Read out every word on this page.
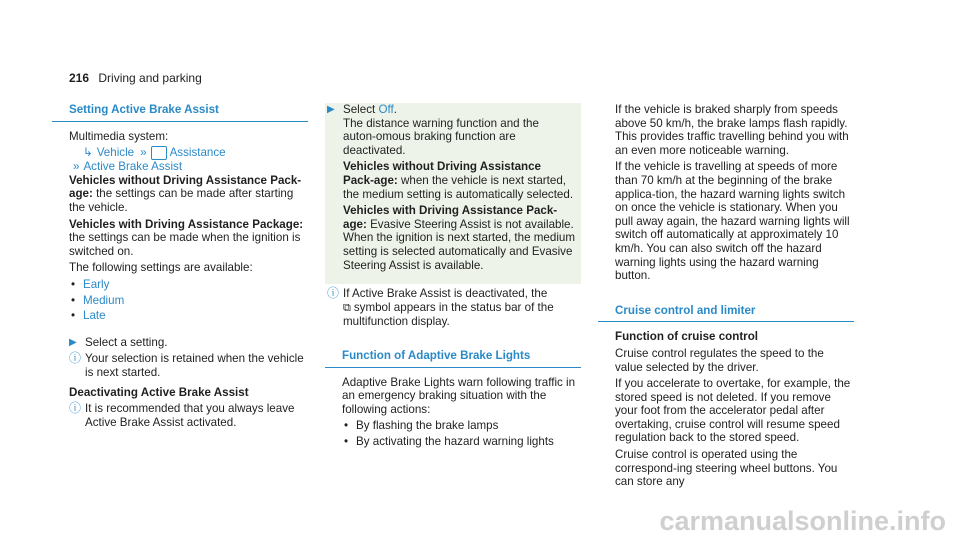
216 Driving and parking
Setting Active Brake Assist
Multimedia system:
↳ Vehicle » Assistance
» Active Brake Assist
Vehicles without Driving Assistance Pack-age: the settings can be made after starting the vehicle.
Vehicles with Driving Assistance Package: the settings can be made when the ignition is switched on.
The following settings are available:
• Early
• Medium
• Late
▶ Select a setting.
ⓘ Your selection is retained when the vehicle is next started.
Deactivating Active Brake Assist
ⓘ It is recommended that you always leave Active Brake Assist activated.
▶ Select Off.
The distance warning function and the auton-omous braking function are deactivated.
Vehicles without Driving Assistance Pack-age: when the vehicle is next started, the medium setting is automatically selected.
Vehicles with Driving Assistance Pack-age: Evasive Steering Assist is not available. When the ignition is next started, the medium setting is selected automatically and Evasive Steering Assist is available.
ⓘ If Active Brake Assist is deactivated, the
⧉ symbol appears in the status bar of the multifunction display.
Function of Adaptive Brake Lights
Adaptive Brake Lights warn following traffic in an emergency braking situation with the following actions:
• By flashing the brake lamps
• By activating the hazard warning lights
If the vehicle is braked sharply from speeds above 50 km/h, the brake lamps flash rapidly. This provides traffic travelling behind you with an even more noticeable warning.
If the vehicle is travelling at speeds of more than 70 km/h at the beginning of the brake applica-tion, the hazard warning lights switch on once the vehicle is stationary. When you pull away again, the hazard warning lights will switch off automatically at approximately 10 km/h. You can also switch off the hazard warning lights using the hazard warning button.
Cruise control and limiter
Function of cruise control
Cruise control regulates the speed to the value selected by the driver.
If you accelerate to overtake, for example, the stored speed is not deleted. If you remove your foot from the accelerator pedal after overtaking, cruise control will resume speed regulation back to the stored speed.
Cruise control is operated using the correspond-ing steering wheel buttons. You can store any
carmanualsonline.info
